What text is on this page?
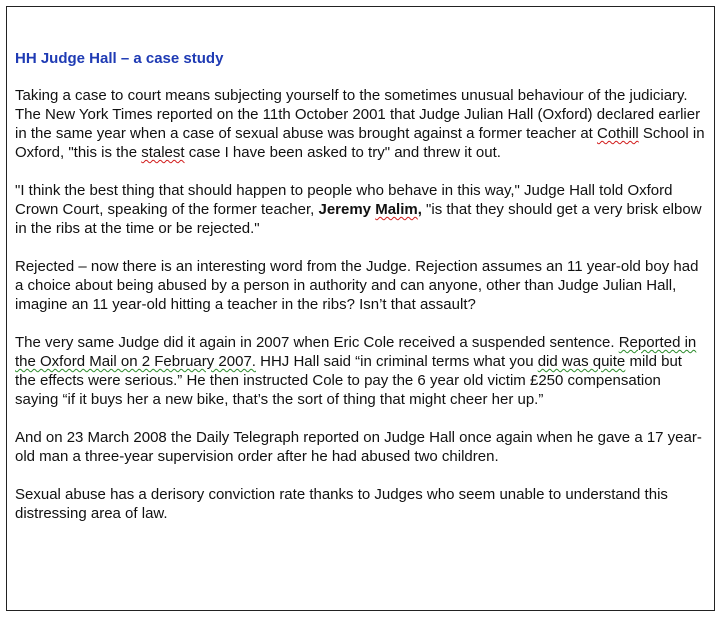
HH Judge Hall – a case study

Taking a case to court means subjecting yourself to the sometimes unusual behaviour of the judiciary. The New York Times reported on the 11th October 2001 that Judge Julian Hall (Oxford) declared earlier in the same year when a case of sexual abuse was brought against a former teacher at Cothill School in Oxford, "this is the stalest case I have been asked to try" and threw it out.

"I think the best thing that should happen to people who behave in this way," Judge Hall told Oxford Crown Court, speaking of the former teacher, Jeremy Malim, "is that they should get a very brisk elbow in the ribs at the time or be rejected."

Rejected – now there is an interesting word from the Judge. Rejection assumes an 11 year-old boy had a choice about being abused by a person in authority and can anyone, other than Judge Julian Hall, imagine an 11 year-old hitting a teacher in the ribs? Isn’t that assault?

The very same Judge did it again in 2007 when Eric Cole received a suspended sentence. Reported in the Oxford Mail on 2 February 2007. HHJ Hall said “in criminal terms what you did was quite mild but the effects were serious.” He then instructed Cole to pay the 6 year old victim £250 compensation saying “if it buys her a new bike, that’s the sort of thing that might cheer her up.”

And on 23 March 2008 the Daily Telegraph reported on Judge Hall once again when he gave a 17 year-old man a three-year supervision order after he had abused two children.

Sexual abuse has a derisory conviction rate thanks to Judges who seem unable to understand this distressing area of law.
